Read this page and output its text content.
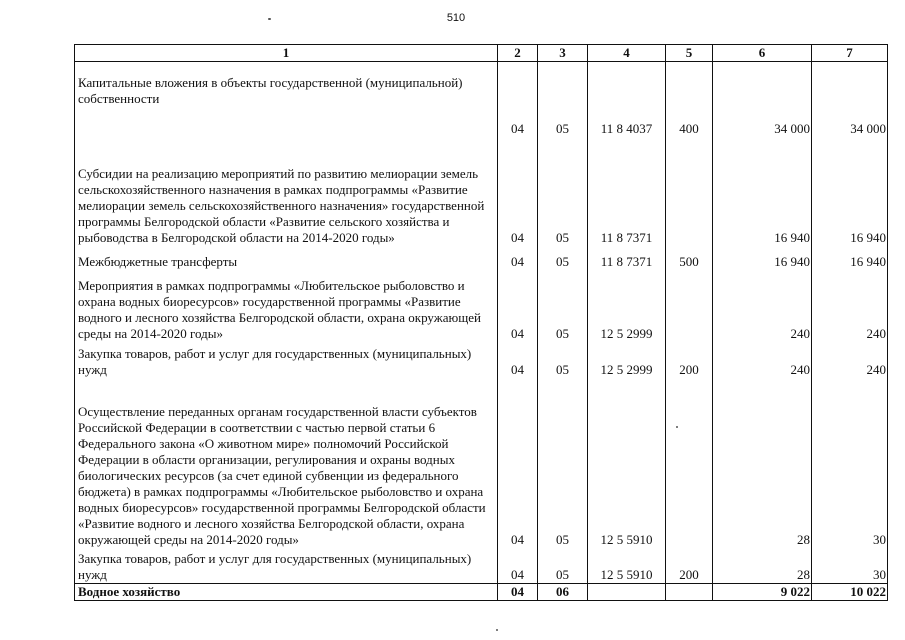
510
1	2	3	4	5	6	7
Капитальные вложения в объекты государственной (муниципальной) собственности	04	05	11 8 4037	400	34 000	34 000
Субсидии на реализацию мероприятий по развитию мелиорации земель сельскохозяйственного назначения в рамках подпрограммы «Развитие мелиорации земель сельскохозяйственного назначения» государственной программы Белгородской области «Развитие сельского хозяйства и рыбоводства в Белгородской области на 2014-2020 годы»	04	05	11 8 7371		16 940	16 940
Межбюджетные трансферты	04	05	11 8 7371	500	16 940	16 940
Мероприятия в рамках подпрограммы «Любительское рыболовство и охрана водных биоресурсов» государственной программы «Развитие водного и лесного хозяйства Белгородской области, охрана окружающей среды на 2014-2020 годы»	04	05	12 5 2999		240	240
Закупка товаров, работ и услуг для государственных (муниципальных) нужд	04	05	12 5 2999	200	240	240
Осуществление переданных органам государственной власти субъектов Российской Федерации в соответствии с частью первой статьи 6 Федерального закона «О животном мире» полномочий Российской Федерации в области организации, регулирования и охраны водных биологических ресурсов (за счет единой субвенции из федерального бюджета) в рамках подпрограммы «Любительское рыболовство и охрана водных биоресурсов» государственной программы Белгородской области «Развитие водного и лесного хозяйства Белгородской области, охрана окружающей среды на 2014-2020 годы»	04	05	12 5 5910		28	30
Закупка товаров, работ и услуг для государственных (муниципальных) нужд	04	05	12 5 5910	200	28	30
Водное хозяйство	04	06			9 022	10 022
